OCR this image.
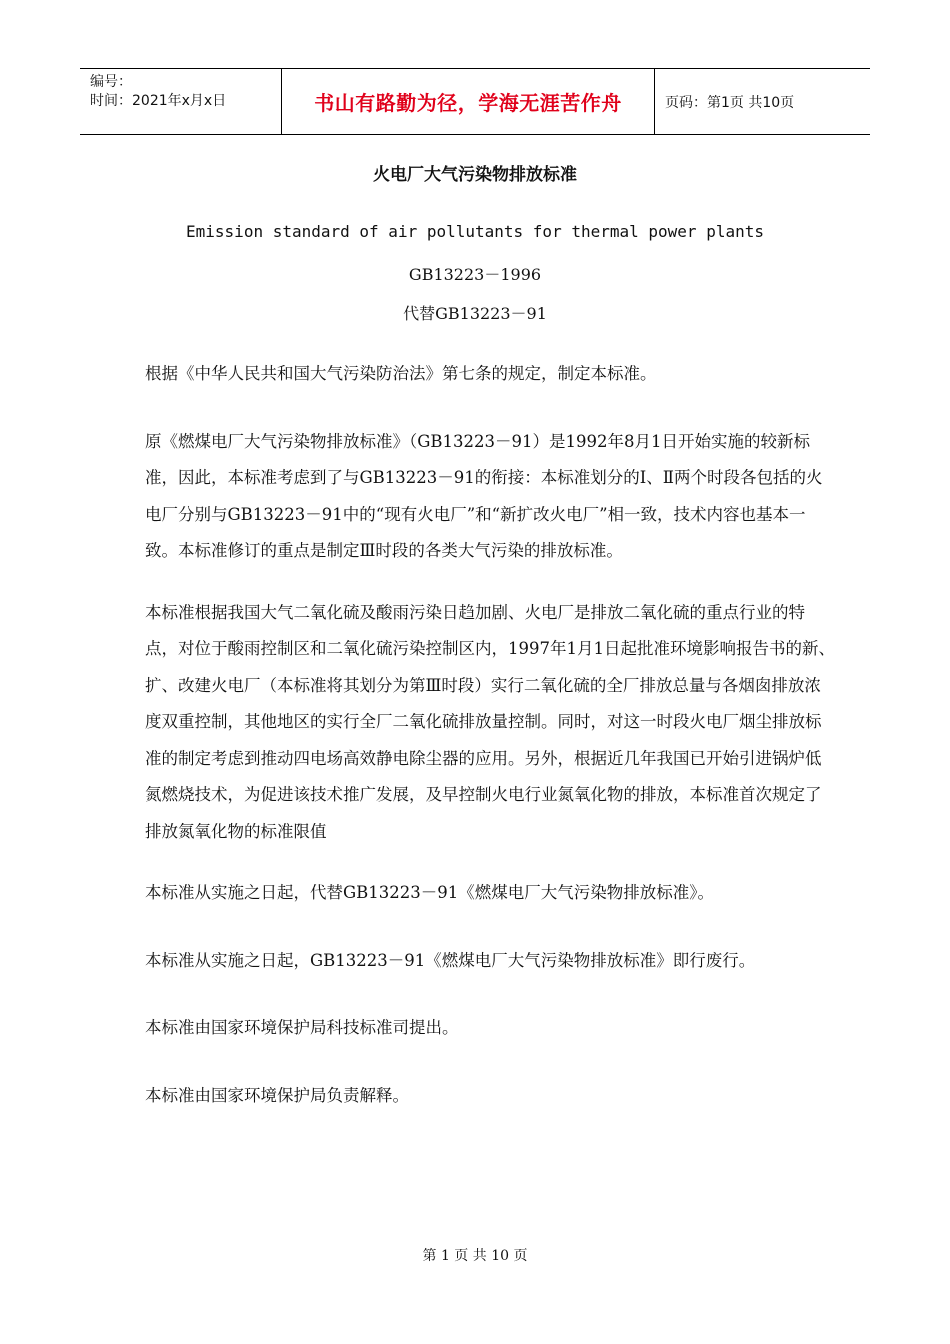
编号：
时间：2021年x月x日	书山有路勤为径，学海无涯苦作舟	页码：第1页 共10页
火电厂大气污染物排放标准
Emission standard of air pollutants for thermal power plants
GB13223－1996
代替GB13223－91

根据《中华人民共和国大气污染防治法》第七条的规定，制定本标准。

原《燃煤电厂大气污染物排放标准》（GB13223－91）是1992年8月1日开始实施的较新标准，因此，本标准考虑到了与GB13223－91的衔接：本标准划分的Ⅰ、Ⅱ两个时段各包括的火电厂分别与GB13223－91中的“现有火电厂”和“新扩改火电厂”相一致，技术内容也基本一致。本标准修订的重点是制定Ⅲ时段的各类大气污染的排放标准。

本标准根据我国大气二氧化硫及酸雨污染日趋加剧、火电厂是排放二氧化硫的重点行业的特点，对位于酸雨控制区和二氧化硫污染控制区内，1997年1月1日起批准环境影响报告书的新、扩、改建火电厂（本标准将其划分为第Ⅲ时段）实行二氧化硫的全厂排放总量与各烟囱排放浓度双重控制，其他地区的实行全厂二氧化硫排放量控制。同时，对这一时段火电厂烟尘排放标准的制定考虑到推动四电场高效静电除尘器的应用。另外，根据近几年我国已开始引进锅炉低氮燃烧技术，为促进该技术推广发展，及早控制火电行业氮氧化物的排放，本标准首次规定了排放氮氧化物的标准限值

本标准从实施之日起，代替GB13223－91《燃煤电厂大气污染物排放标准》。

本标准从实施之日起，GB13223－91《燃煤电厂大气污染物排放标准》即行废行。

本标准由国家环境保护局科技标准司提出。

本标准由国家环境保护局负责解释。

第 1 页 共 10 页
